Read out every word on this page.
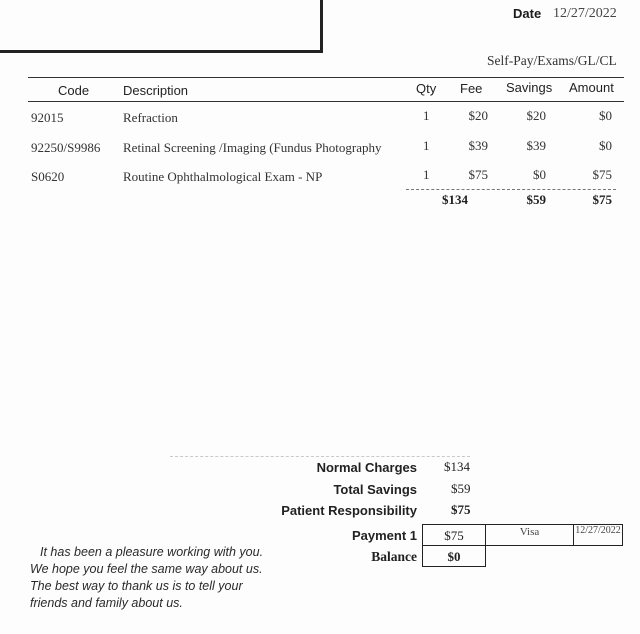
Date 12/27/2022
Self-Pay/Exams/GL/CL
Code	Description	Qty Fee Savings Amount
92015	Refraction	1	$20	$20	$0
92250/S9986 Retinal Screening /Imaging (Fundus Photography	1	$39	$39	$0
S0620	Routine Ophthalmological Exam - NP	1	$75	$0	$75
$134	$59	$75
Normal Charges $134
Total Savings	$59
Patient Responsibility	$75
Payment 1	$75	Visa	12/27/2022
Balance	$0
It has been a pleasure working with you.
We hope you feel the same way about us.
The best way to thank us is to tell your
friends and family about us.
